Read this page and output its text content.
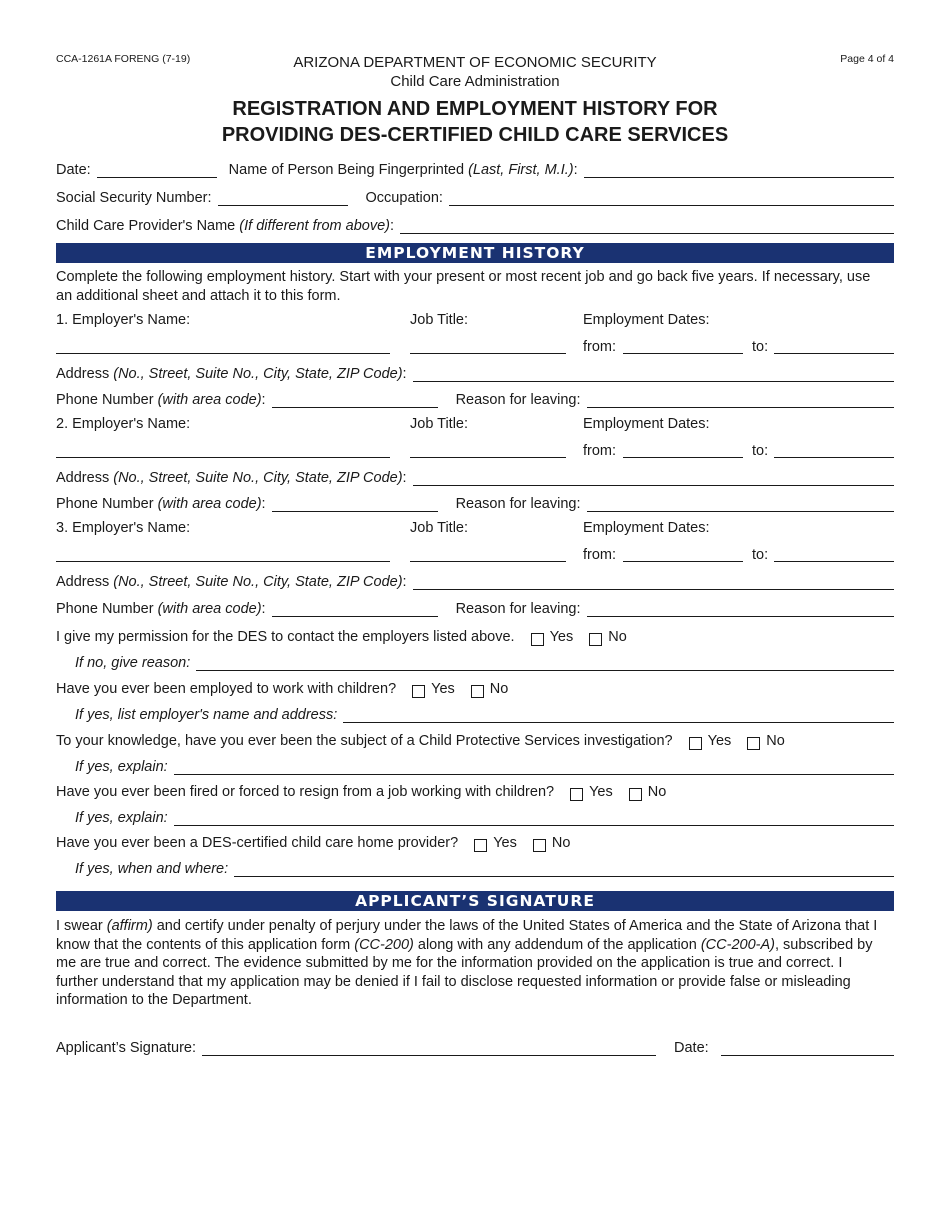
CCA-1261A FORENG (7-19)	ARIZONA DEPARTMENT OF ECONOMIC SECURITY
Child Care Administration
Page 4 of 4
REGISTRATION AND EMPLOYMENT HISTORY FOR
PROVIDING DES-CERTIFIED CHILD CARE SERVICES
Date:	Name of Person Being Fingerprinted
(Last, First, M.I.) :
Social Security Number:	Occupation:
Child Care Provider's Name
(If different from above) :
EMPLOYMENT HISTORY
Complete the following employment history. Start with your present or most recent job and go back five years. If necessary, use an additional sheet and attach it to this form.
1. Employer's Name:	Job Title:	Employment Dates:
from:	to:
Address
(No., Street, Suite No., City, State, ZIP Code) :
Phone Number
(with area code) :	Reason for leaving:
2. Employer's Name:	Job Title:	Employment Dates:
from:	to:
Address
(No., Street, Suite No., City, State, ZIP Code) :
Phone Number
(with area code) :	Reason for leaving:
3. Employer's Name:	Job Title:	Employment Dates:
from:	to:
Address
(No., Street, Suite No., City, State, ZIP Code) :
Phone Number
(with area code) :	Reason for leaving:
I give my permission for the DES to contact the employers listed above. Yes No
If no, give reason:
Have you ever been employed to work with children? Yes No
If yes, list employer's name and address:
To your knowledge, have you ever been the subject of a Child Protective Services investigation? Yes No
If yes, explain:
Have you ever been fired or forced to resign from a job working with children? Yes No
If yes, explain:
Have you ever been a DES-certified child care home provider? Yes No
If yes, when and where:
APPLICANT’S SIGNATURE
I swear (affirm) and certify under penalty of perjury under the laws of the United States of America and the State of Arizona that I know that the contents of this application form (CC-200) along with any addendum of the application (CC-200-A), subscribed by me are true and correct. The evidence submitted by me for the information provided on the application is true and correct. I further understand that my application may be denied if I fail to disclose requested information or provide false or misleading information to the Department.
Applicant’s Signature:	Date:
